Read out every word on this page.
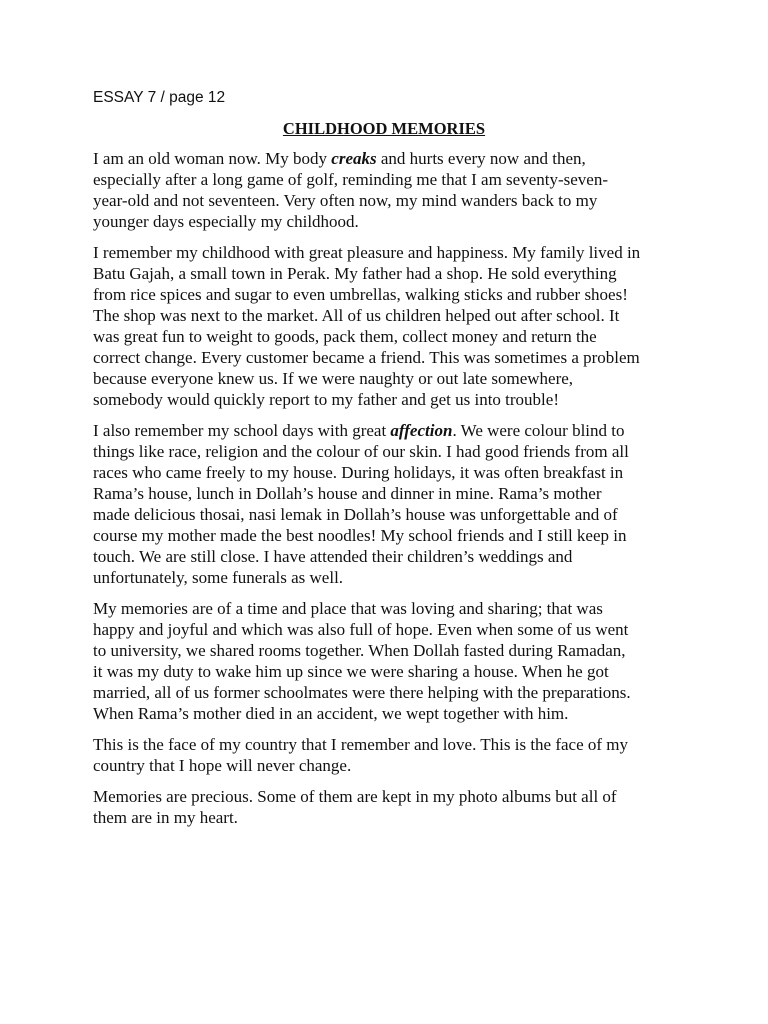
ESSAY 7 / page 12
CHILDHOOD MEMORIES
I am an old woman now. My body creaks and hurts every now and then,
especially after a long game of golf, reminding me that I am seventy-seven-
year-old and not seventeen. Very often now, my mind wanders back to my
younger days especially my childhood.
I remember my childhood with great pleasure and happiness. My family lived in
Batu Gajah, a small town in Perak. My father had a shop. He sold everything
from rice spices and sugar to even umbrellas, walking sticks and rubber shoes!
The shop was next to the market. All of us children helped out after school. It
was great fun to weight to goods, pack them, collect money and return the
correct change. Every customer became a friend. This was sometimes a problem
because everyone knew us. If we were naughty or out late somewhere,
somebody would quickly report to my father and get us into trouble!
I also remember my school days with great affection. We were colour blind to
things like race, religion and the colour of our skin. I had good friends from all
races who came freely to my house. During holidays, it was often breakfast in
Rama’s house, lunch in Dollah’s house and dinner in mine. Rama’s mother
made delicious thosai, nasi lemak in Dollah’s house was unforgettable and of
course my mother made the best noodles! My school friends and I still keep in
touch. We are still close. I have attended their children’s weddings and
unfortunately, some funerals as well.
My memories are of a time and place that was loving and sharing; that was
happy and joyful and which was also full of hope. Even when some of us went
to university, we shared rooms together. When Dollah fasted during Ramadan,
it was my duty to wake him up since we were sharing a house. When he got
married, all of us former schoolmates were there helping with the preparations.
When Rama’s mother died in an accident, we wept together with him.
This is the face of my country that I remember and love. This is the face of my
country that I hope will never change.
Memories are precious. Some of them are kept in my photo albums but all of
them are in my heart.
